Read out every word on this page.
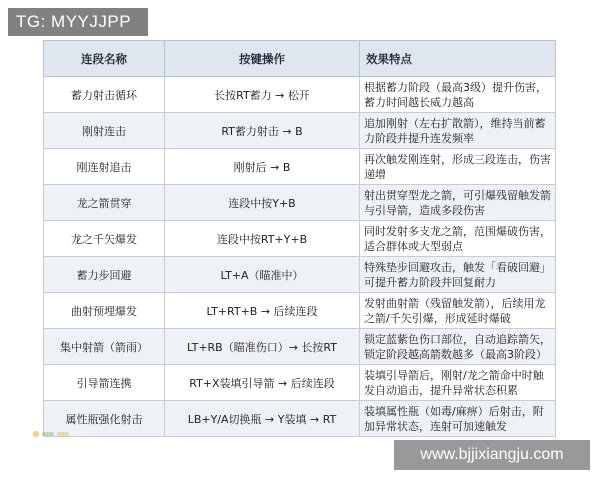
TG: MYYJJPP
连段名称	按键操作	效果特点
蓄力射击循环	长按RT蓄力 → 松开	根据蓄力阶段（最高3级）提升伤害，
蓄力时间越长威力越高

刚射连击	RT蓄力射击 → B	追加刚射（左右扩散箭），维持当前蓄
力阶段并提升连发频率

刚连射追击	刚射后 → B	再次触发刚连射，形成三段连击，伤害
递增

龙之箭贯穿	连段中按Y+B	射出贯穿型龙之箭，可引爆残留触发箭
与引导箭，造成多段伤害

龙之千矢爆发	连段中按RT+Y+B	同时发射多支龙之箭，范围爆破伤害，
适合群体或大型弱点

蓄力步回避	LT+A（瞄准中）	特殊垫步回避攻击，触发「看破回避」
可提升蓄力阶段并回复耐力

曲射预埋爆发	LT+RT+B → 后续连段	发射曲射箭（残留触发箭），后续用龙
之箭/千矢引爆，形成延时爆破

集中射箭（箭雨）	LT+RB（瞄准伤口）→ 长按RT	锁定蓝紫色伤口部位，自动追踪箭矢，
锁定阶段越高箭数越多（最高3阶段）

引导箭连携	RT+X装填引导箭 → 后续连段	装填引导箭后，刚射/龙之箭命中时触
发自动追击，提升异常状态积累

属性瓶强化射击	LB+Y/A切换瓶 → Y装填 → RT	装填属性瓶（如毒/麻痹）后射击，附
加异常状态，连射可加速触发
www.bjjixiangju.com
